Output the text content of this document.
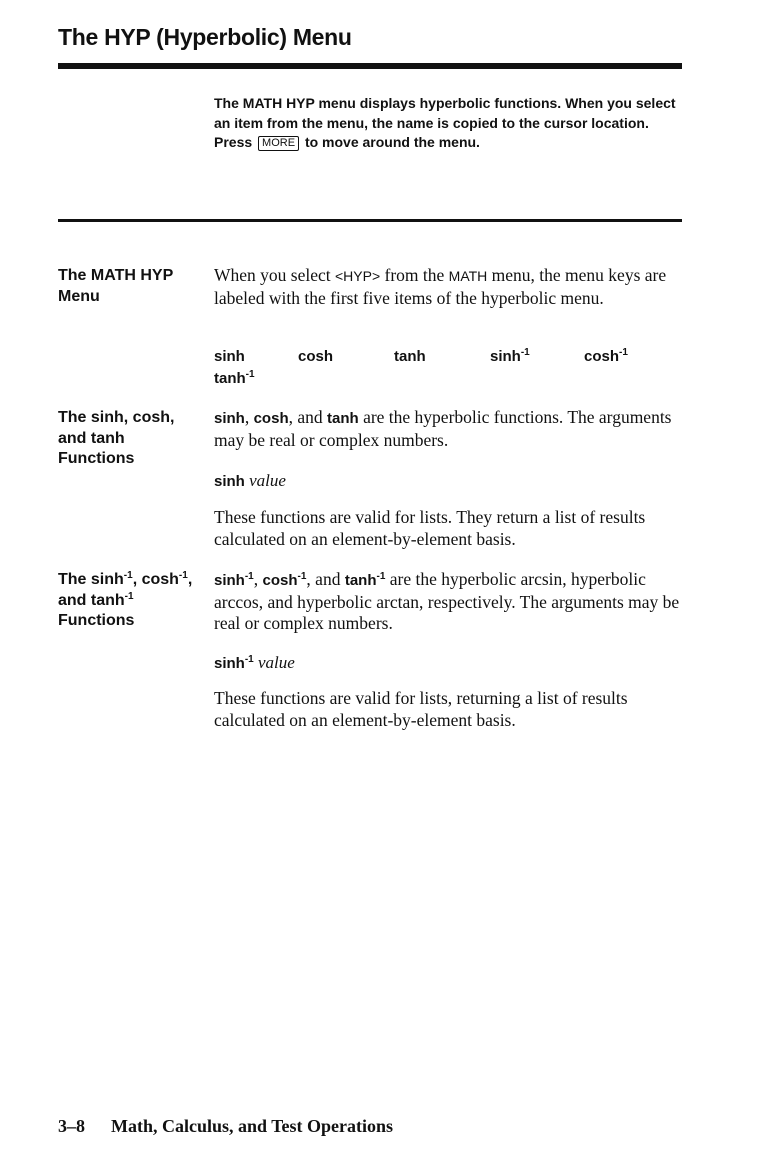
The HYP (Hyperbolic) Menu

The MATH HYP menu displays hyperbolic functions. When you select an item from the menu, the name is copied to the cursor location. Press MORE to move around the menu.

The MATH HYP
Menu

When you select <HYP> from the MATH menu, the menu keys are labeled with the first five items of the hyperbolic menu.

sinh	cosh	tanh	$\sinh^{-1}$	$\cosh^{-1}$
$\tanh^{-1}$

The sinh, cosh,
and tanh
Functions

sinh, cosh, and tanh are the hyperbolic functions. The arguments may be real or complex numbers.

sinh value

These functions are valid for lists. They return a list of results calculated on an element-by-element basis.

The $\sinh^{-1}$, $\cosh^{-1}$,
and $\tanh^{-1}$
Functions

$\sinh^{-1}$, $\cosh^{-1}$, and $\tanh^{-1}$ are the hyperbolic arcsin, hyperbolic arccos, and hyperbolic arctan, respectively. The arguments may be real or complex numbers.

$\sinh^{-1}$ value

These functions are valid for lists, returning a list of results calculated on an element-by-element basis.

3–8 Math, Calculus, and Test Operations
